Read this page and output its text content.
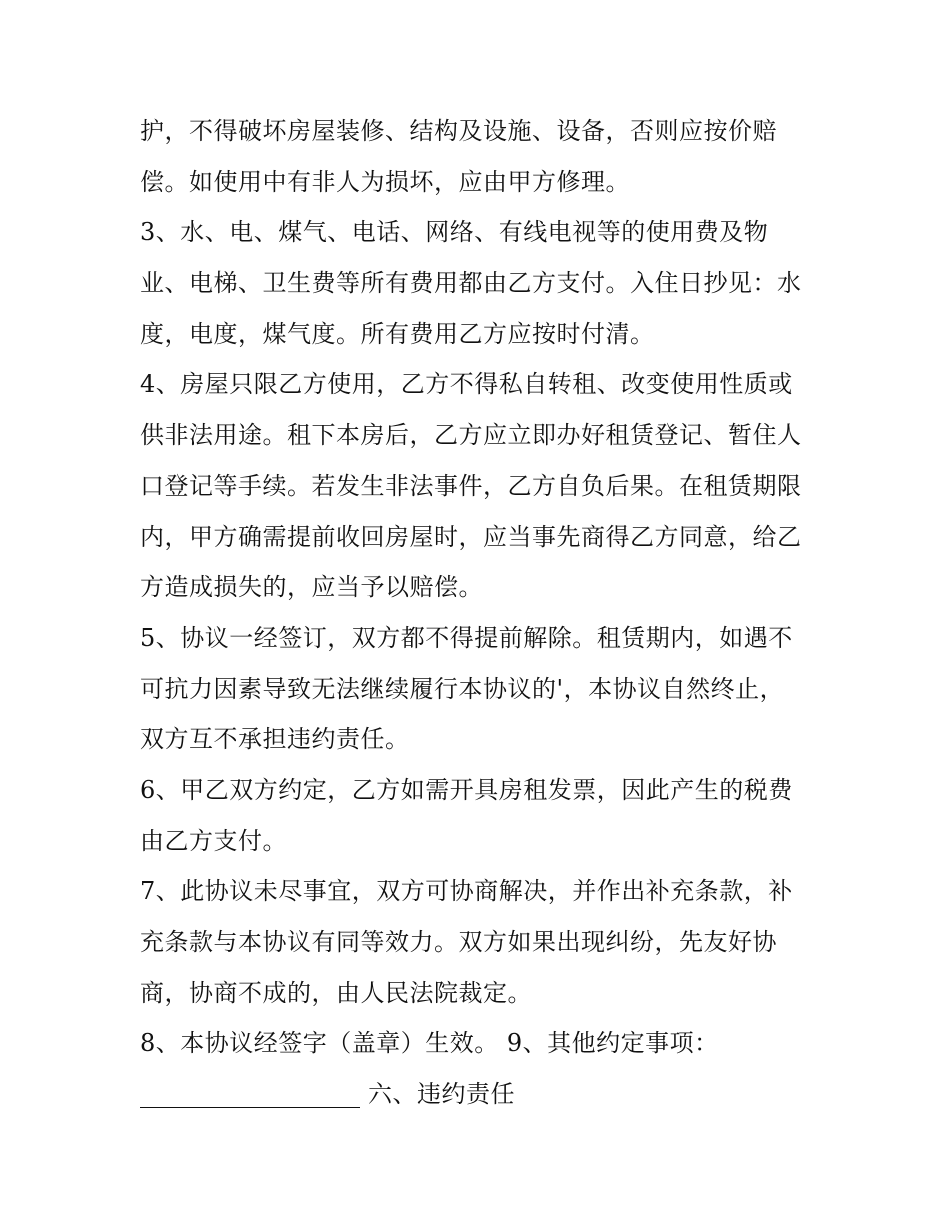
护，不得破坏房屋装修、结构及设施、设备，否则应按价赔
偿。如使用中有非人为损坏，应由甲方修理。
3、水、电、煤气、电话、网络、有线电视等的使用费及物
业、电梯、卫生费等所有费用都由乙方支付。入住日抄见：水
度，电度，煤气度。所有费用乙方应按时付清。
4、房屋只限乙方使用，乙方不得私自转租、改变使用性质或
供非法用途。租下本房后，乙方应立即办好租赁登记、暂住人
口登记等手续。若发生非法事件，乙方自负后果。在租赁期限
内，甲方确需提前收回房屋时，应当事先商得乙方同意，给乙
方造成损失的，应当予以赔偿。
5、协议一经签订，双方都不得提前解除。租赁期内，如遇不
可抗力因素导致无法继续履行本协议的'，本协议自然终止，
双方互不承担违约责任。
6、甲乙双方约定，乙方如需开具房租发票，因此产生的税费
由乙方支付。
7、此协议未尽事宜，双方可协商解决，并作出补充条款，补
充条款与本协议有同等效力。双方如果出现纠纷，先友好协
商，协商不成的，由人民法院裁定。
8、本协议经签字（盖章）生效。 9、其他约定事项：
六、违约责任
